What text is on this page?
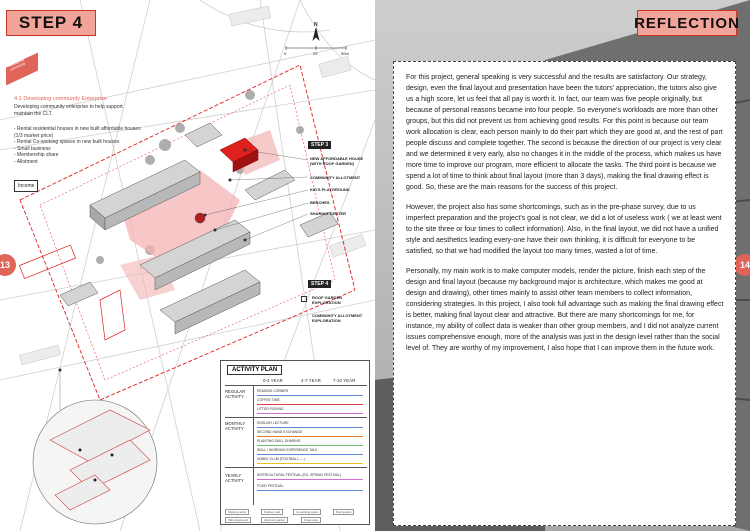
STEP 4
Developing community
4.1 Developing community Enterprise
Developing community enterprise to help support maintain the CLT.
- Rental residential houses in new built affordable houses (1/3 market price)
- Rental Co-working spaces in new built houses
- Small business
- Membership share
- Allotment
Income
0	25	50m
N
STEP 3
NEW AFFORDABLE HOUSE (WITH ROOF GARDEN)
COMMUNITY ALLOTMENT
KID'S PLAYGROUND
BENCHES
SHARING CENTER
STEP 4
ROOF GARDEN EXPLORATION
COMMUNITY ALLOTMENT EXPLORATION
ACTIVITY PLAN
0-4 YEAR	4-7 YEAR	7-10 YEAR
REGULAR ACTIVITY
READING CORNER
COFFEE TIME
LITTER PICKING
MONTHLY ACTIVITY
ENGLISH LECTURE
SECOND-HAND EXCHANGE
PLANTING SKILL SHARING
SKILL / WORKING EXPERIENCE TALK
HOBBY CLUB (FOOTBALL......)
YEARLY ACTIVITY
INTERCULTURAL FESTIVAL (EG. SPRING FESTIVAL)
FOOD FESTIVAL
Sharing center	Outdoor café	Co-working space	Roof garden
Kids playground	Allotment garden	Grass area
13
REFLECTION
14

For this project, general speaking is very successful and the results are satisfactory. Our strategy, design, even the final layout and presentation have been the tutors' appreciation, the tutors also give us a high score, let us feel that all pay is worth it. In fact, our team was five people originally, but because of personal reasons became into four people. So everyone's workloads are more than other groups, but this did not prevent us from achieving good results. For this point is because our team work allocation is clear, each person mainly to do their part which they are good at, and the rest of part people discuss and complete together. The second is because the direction of our project is very clear and we determined it very early, also no changes it in the middle of the process, which makes us have more time to improve our program, more efficient to allocate the tasks. The third point is because we spend a lot of time to think about final layout (more than 3 days), making the final drawing effect is good. So, these are the main reasons for the success of this project.

However, the project also has some shortcomings, such as in the pre-phase survey, due to us imperfect preparation and the project's goal is not clear, we did a lot of useless work ( we at least went to the site three or four times to collect information). Also, in the final layout, we did not have a unified style and aesthetics leading every-one have their own thinking, it is difficult for everyone to be satisfied, so that we had modified the layout too many times, wasted a lot of time.

Personally, my main work is to make computer models, render the picture, finish each step of the design and final layout (because my background major is architecture, which makes me good at design and drawing), other times mainly to assist other team members to collect information, considering strategies. In this project, I also took full advantage such as making the final drawing effect is better, making final layout clear and attractive. But there are many shortcomings for me, for instance, my ability of collect data is weaker than other group members, and I did not analyze current issues comprehensive enough, more of the analysis was just in the design level rather than the social level of. They are worthy of my improvement, I also hope that I can improve them in the future work.
